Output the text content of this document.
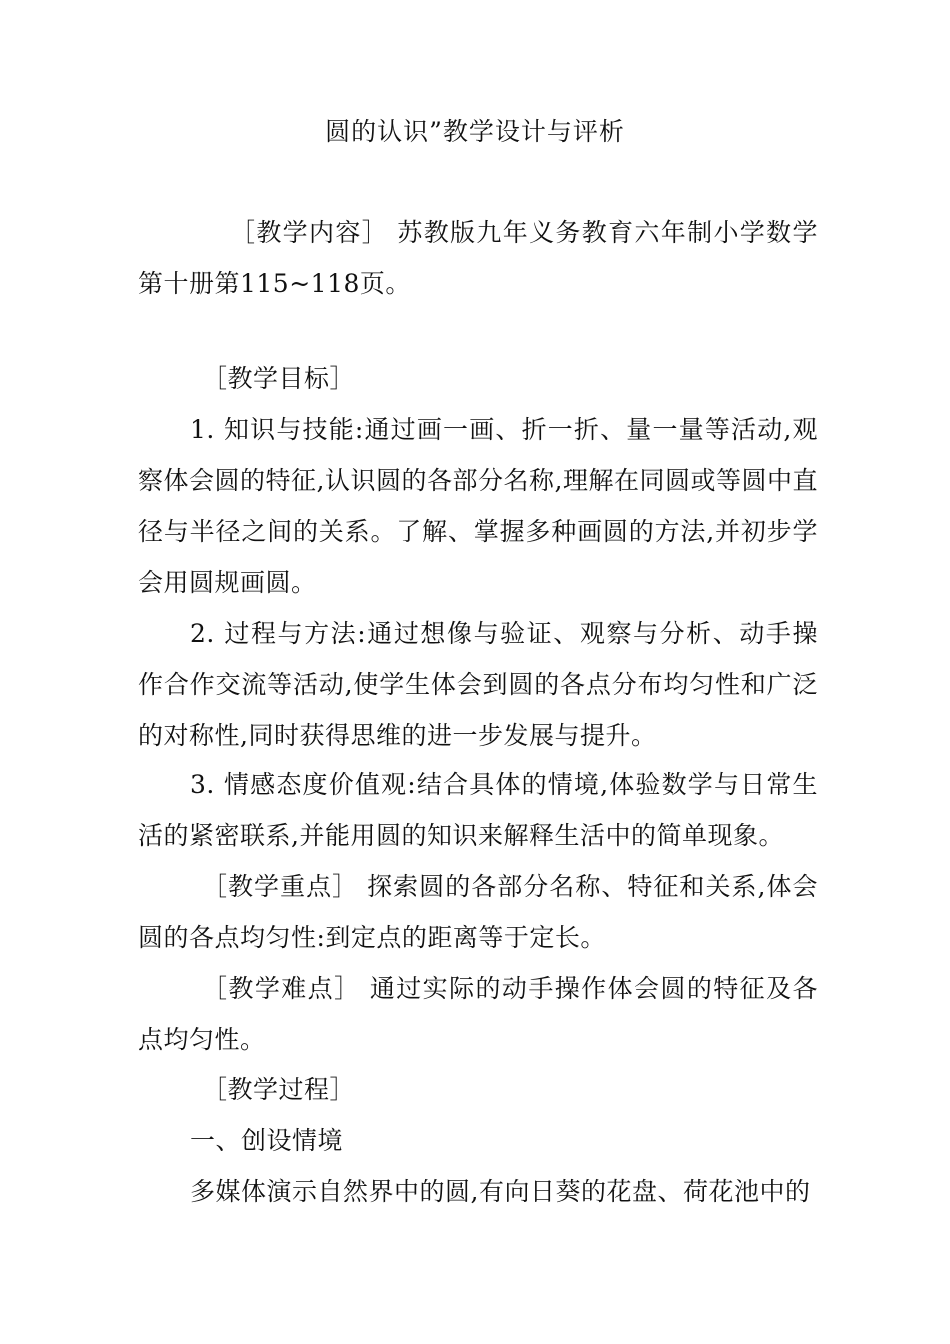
圆的认识”教学设计与评析
［教学内容］ 苏教版九年义务教育六年制小学数学第十册第115~118页。
［教学目标］
1. 知识与技能:通过画一画、折一折、量一量等活动,观察体会圆的特征,认识圆的各部分名称,理解在同圆或等圆中直径与半径之间的关系。了解、掌握多种画圆的方法,并初步学会用圆规画圆。
2. 过程与方法:通过想像与验证、观察与分析、动手操作合作交流等活动,使学生体会到圆的各点分布均匀性和广泛的对称性,同时获得思维的进一步发展与提升。
3. 情感态度价值观:结合具体的情境,体验数学与日常生活的紧密联系,并能用圆的知识来解释生活中的简单现象。
［教学重点］ 探索圆的各部分名称、特征和关系,体会圆的各点均匀性:到定点的距离等于定长。
［教学难点］ 通过实际的动手操作体会圆的特征及各点均匀性。
［教学过程］
一、创设情境
多媒体演示自然界中的圆,有向日葵的花盘、荷花池中的
